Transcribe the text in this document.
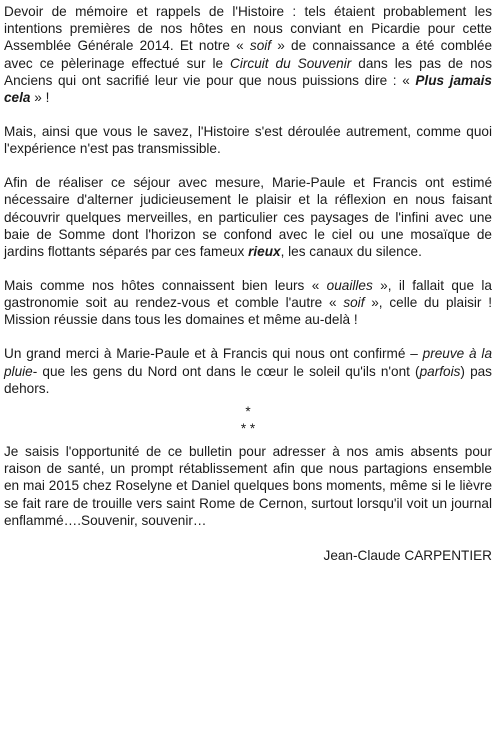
Devoir de mémoire et rappels de l'Histoire : tels étaient probablement les intentions premières de nos hôtes en nous conviant en Picardie pour cette Assemblée Générale 2014. Et notre « soif » de connaissance a été comblée avec ce pèlerinage effectué sur le Circuit du Souvenir dans les pas de nos Anciens qui ont sacrifié leur vie pour que nous puissions dire : « Plus jamais cela » !

Mais, ainsi que vous le savez, l'Histoire s'est déroulée autrement, comme quoi l'expérience n'est pas transmissible.

Afin de réaliser ce séjour avec mesure, Marie-Paule et Francis ont estimé nécessaire d'alterner judicieusement le plaisir et la réflexion en nous faisant découvrir quelques merveilles, en particulier ces paysages de l'infini avec une baie de Somme dont l'horizon se confond avec le ciel ou une mosaïque de jardins flottants séparés par ces fameux rieux, les canaux du silence.

Mais comme nos hôtes connaissent bien leurs « ouailles », il fallait que la gastronomie soit au rendez-vous et comble l'autre « soif », celle du plaisir ! Mission réussie dans tous les domaines et même au-delà !

Un grand merci à Marie-Paule et à Francis qui nous ont confirmé – preuve à la pluie- que les gens du Nord ont dans le cœur le soleil qu'ils n'ont (parfois) pas dehors.

*

* *

Je saisis l'opportunité de ce bulletin pour adresser à nos amis absents pour raison de santé, un prompt rétablissement afin que nous partagions ensemble en mai 2015 chez Roselyne et Daniel quelques bons moments, même si le lièvre se fait rare de trouille vers saint Rome de Cernon, surtout lorsqu'il voit un journal enflammé….Souvenir, souvenir…

Jean-Claude CARPENTIER
